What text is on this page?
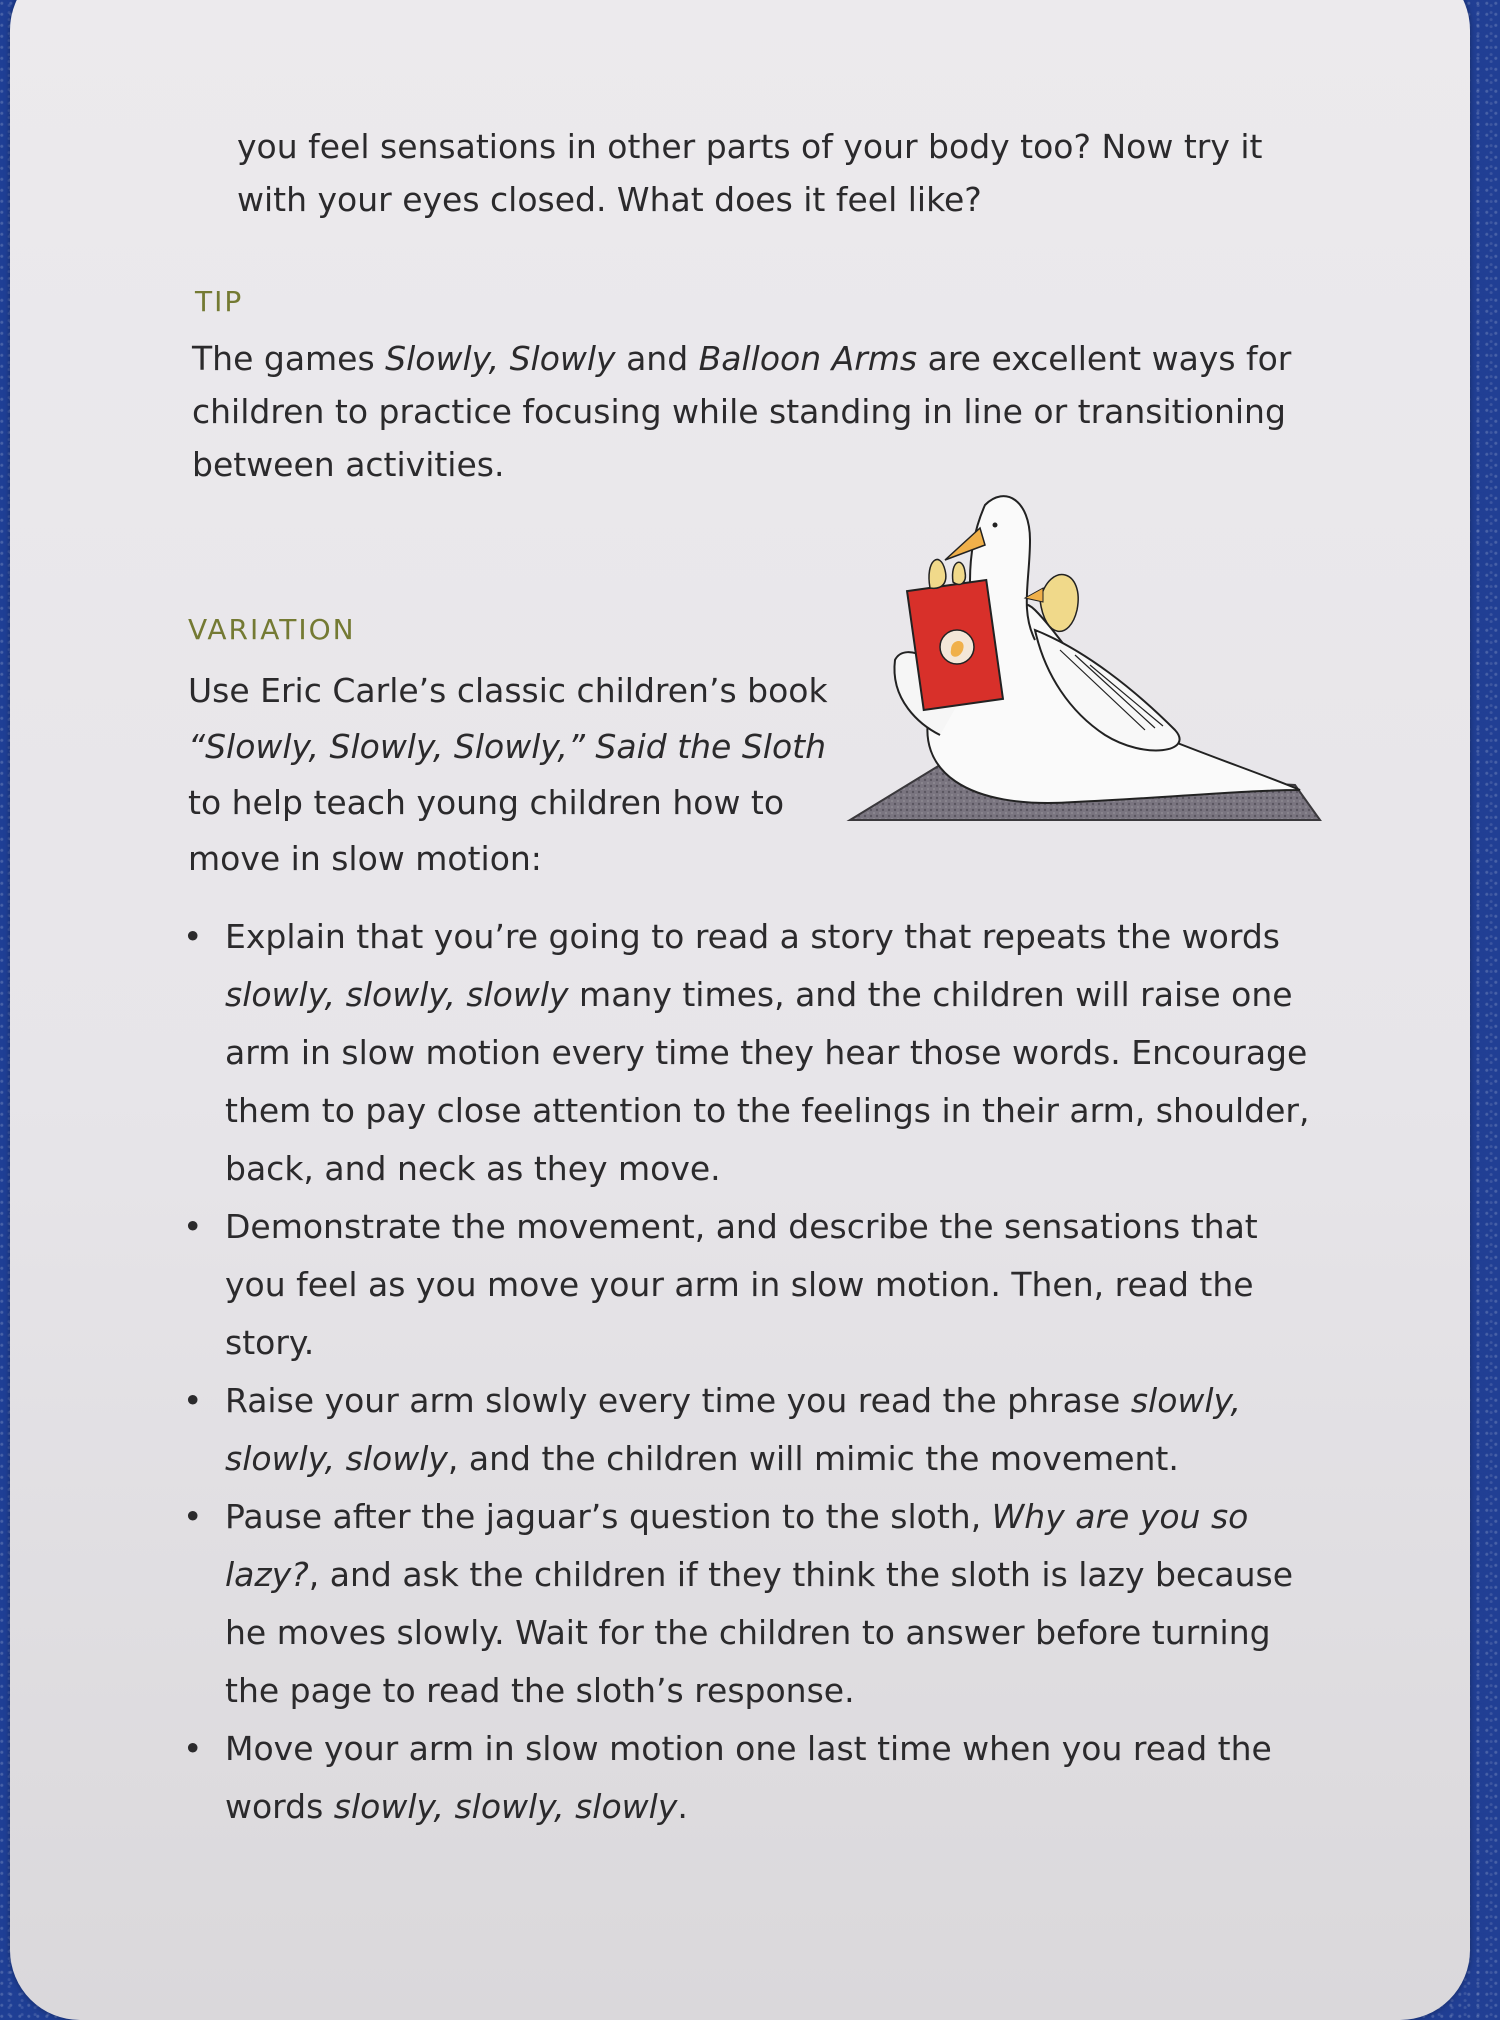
you feel sensations in other parts of your body too? Now try it
with your eyes closed. What does it feel like?
TIP
The games Slowly, Slowly and Balloon Arms are excellent ways for
children to practice focusing while standing in line or transitioning
between activities.
VARIATION
Use Eric Carle’s classic children’s book
“Slowly, Slowly, Slowly,” Said the Sloth
to help teach young children how to
move in slow motion:
• Explain that you’re going to read a story that repeats the words
slowly, slowly, slowly many times, and the children will raise one
arm in slow motion every time they hear those words. Encourage
them to pay close attention to the feelings in their arm, shoulder,
back, and neck as they move.
• Demonstrate the movement, and describe the sensations that
you feel as you move your arm in slow motion. Then, read the
story.
• Raise your arm slowly every time you read the phrase slowly,
slowly, slowly, and the children will mimic the movement.
• Pause after the jaguar’s question to the sloth, Why are you so
lazy?, and ask the children if they think the sloth is lazy because
he moves slowly. Wait for the children to answer before turning
the page to read the sloth’s response.
• Move your arm in slow motion one last time when you read the
words slowly, slowly, slowly.
